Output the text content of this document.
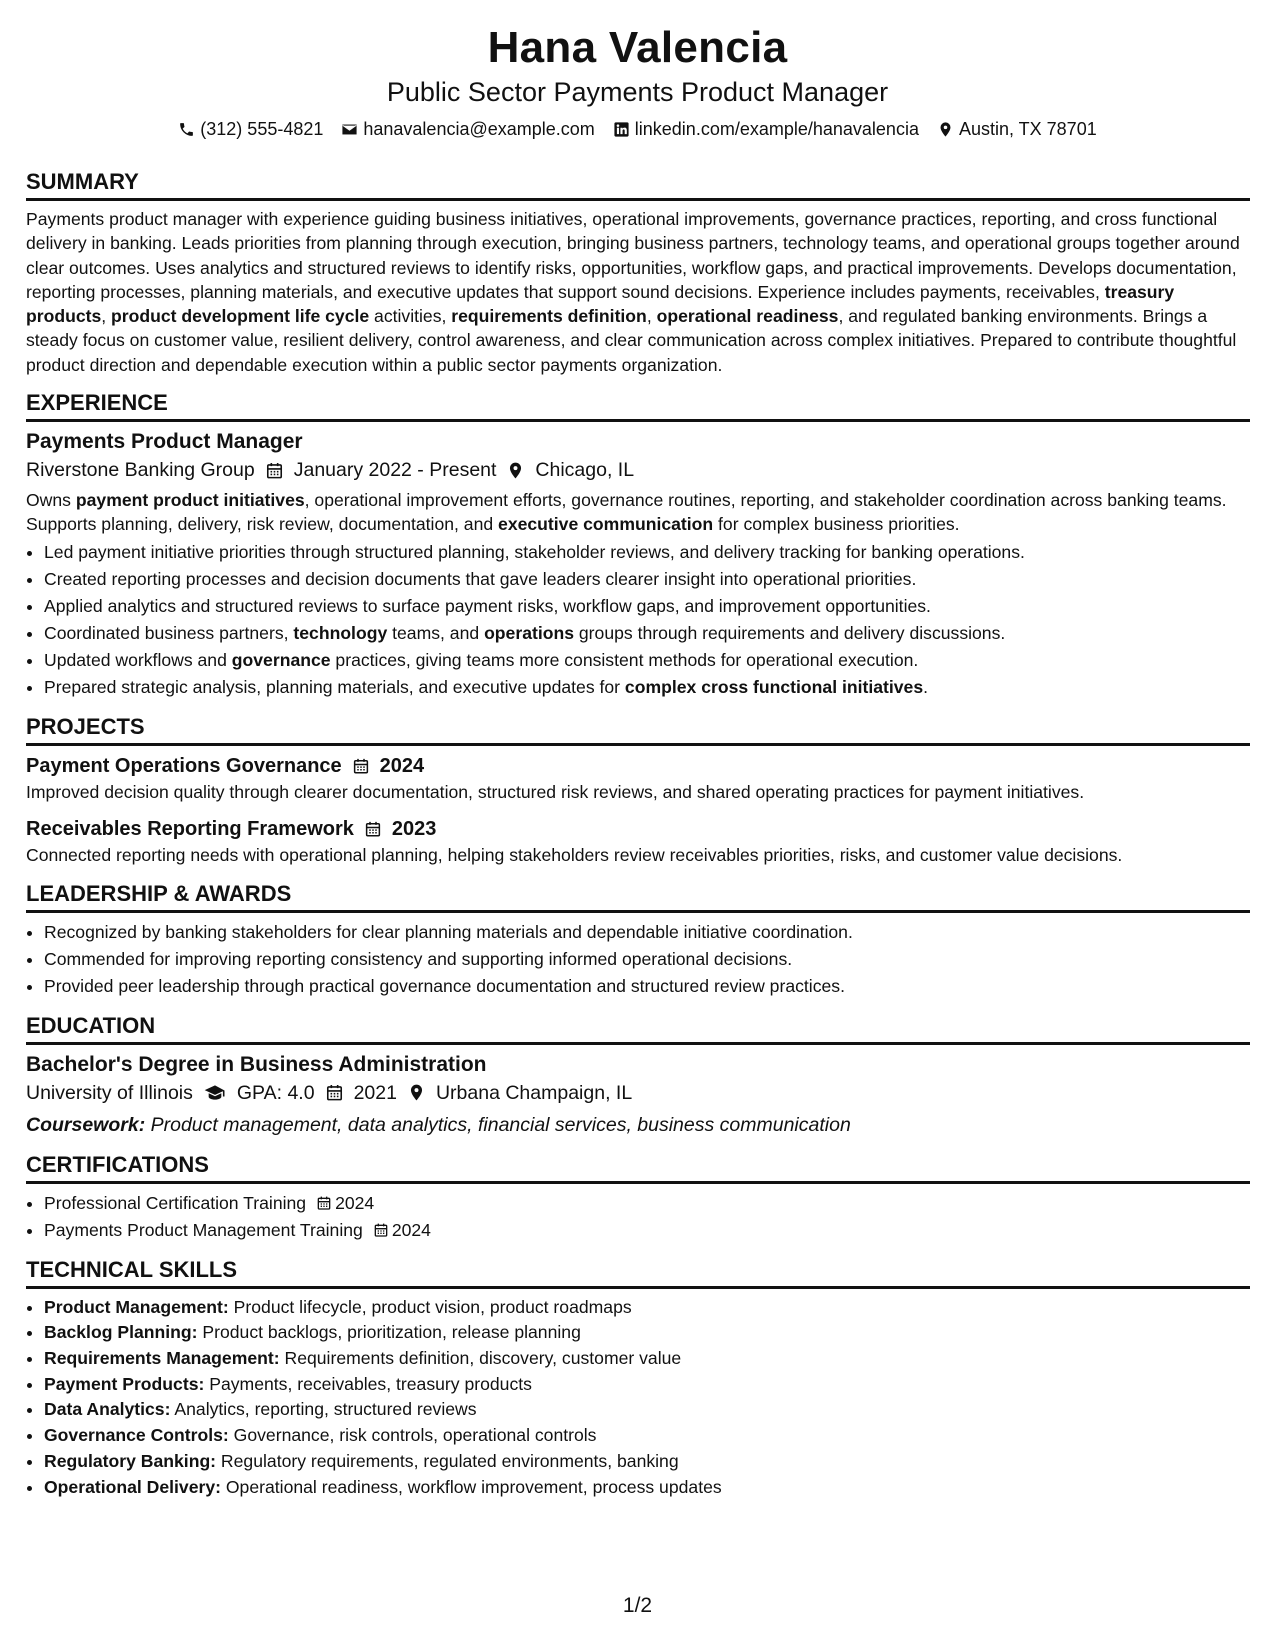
Hana Valencia
Public Sector Payments Product Manager
(312) 555-4821 hanavalencia@example.com linkedin.com/example/hanavalencia Austin, TX 78701
SUMMARY
Payments product manager with experience guiding business initiatives, operational improvements, governance practices, reporting, and cross functional delivery in banking. Leads priorities from planning through execution, bringing business partners, technology teams, and operational groups together around clear outcomes. Uses analytics and structured reviews to identify risks, opportunities, workflow gaps, and practical improvements. Develops documentation, reporting processes, planning materials, and executive updates that support sound decisions. Experience includes payments, receivables, treasury products, product development life cycle activities, requirements definition, operational readiness, and regulated banking environments. Brings a steady focus on customer value, resilient delivery, control awareness, and clear communication across complex initiatives. Prepared to contribute thoughtful product direction and dependable execution within a public sector payments organization.
EXPERIENCE
Payments Product Manager
Riverstone Banking Group January 2022 - Present Chicago, IL
Owns payment product initiatives, operational improvement efforts, governance routines, reporting, and stakeholder coordination across banking teams. Supports planning, delivery, risk review, documentation, and executive communication for complex business priorities.
• Led payment initiative priorities through structured planning, stakeholder reviews, and delivery tracking for banking operations.
• Created reporting processes and decision documents that gave leaders clearer insight into operational priorities.
• Applied analytics and structured reviews to surface payment risks, workflow gaps, and improvement opportunities.
• Coordinated business partners, technology teams, and operations groups through requirements and delivery discussions.
• Updated workflows and governance practices, giving teams more consistent methods for operational execution.
• Prepared strategic analysis, planning materials, and executive updates for complex cross functional initiatives.
PROJECTS
Payment Operations Governance 2024
Improved decision quality through clearer documentation, structured risk reviews, and shared operating practices for payment initiatives.
Receivables Reporting Framework 2023
Connected reporting needs with operational planning, helping stakeholders review receivables priorities, risks, and customer value decisions.
LEADERSHIP & AWARDS
• Recognized by banking stakeholders for clear planning materials and dependable initiative coordination.
• Commended for improving reporting consistency and supporting informed operational decisions.
• Provided peer leadership through practical governance documentation and structured review practices.
EDUCATION
Bachelor's Degree in Business Administration
University of Illinois GPA: 4.0 2021 Urbana Champaign, IL
Coursework: Product management, data analytics, financial services, business communication
CERTIFICATIONS
• Professional Certification Training 2024
• Payments Product Management Training 2024
TECHNICAL SKILLS
• Product Management: Product lifecycle, product vision, product roadmaps
• Backlog Planning: Product backlogs, prioritization, release planning
• Requirements Management: Requirements definition, discovery, customer value
• Payment Products: Payments, receivables, treasury products
• Data Analytics: Analytics, reporting, structured reviews
• Governance Controls: Governance, risk controls, operational controls
• Regulatory Banking: Regulatory requirements, regulated environments, banking
• Operational Delivery: Operational readiness, workflow improvement, process updates
1/2
